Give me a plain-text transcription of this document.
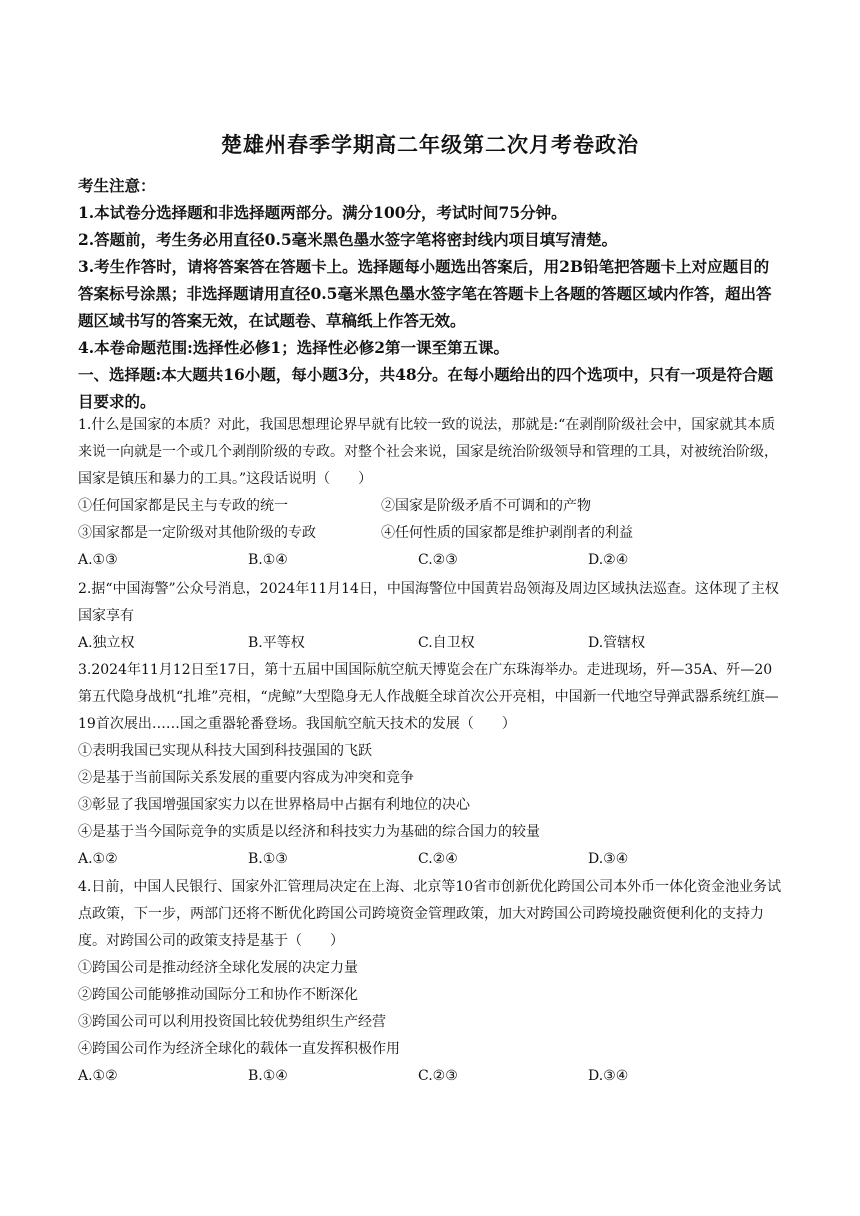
楚雄州春季学期高二年级第二次月考卷政治
考生注意：
1.本试卷分选择题和非选择题两部分。满分100分，考试时间75分钟。
2.答题前，考生务必用直径0.5毫米黑色墨水签字笔将密封线内项目填写清楚。
3.考生作答时，请将答案答在答题卡上。选择题每小题选出答案后，用2B铅笔把答题卡上对应题目的答案标号涂黑；非选择题请用直径0.5毫米黑色墨水签字笔在答题卡上各题的答题区域内作答，超出答题区域书写的答案无效，在试题卷、草稿纸上作答无效。
4.本卷命题范围:选择性必修1；选择性必修2第一课至第五课。
一、选择题:本大题共16小题，每小题3分，共48分。在每小题给出的四个选项中，只有一项是符合题目要求的。
1.什么是国家的本质？对此，我国思想理论界早就有比较一致的说法，那就是:“在剥削阶级社会中，国家就其本质来说一向就是一个或几个剥削阶级的专政。对整个社会来说，国家是统治阶级领导和管理的工具，对被统治阶级，国家是镇压和暴力的工具。”这段话说明（　　）
①任何国家都是民主与专政的统一	②国家是阶级矛盾不可调和的产物
③国家都是一定阶级对其他阶级的专政	④任何性质的国家都是维护剥削者的利益
A.①③	B.①④	C.②③	D.②④
2.据“中国海警”公众号消息，2024年11月14日，中国海警位中国黄岩岛领海及周边区域执法巡查。这体现了主权国家享有
A.独立权	B.平等权	C.自卫权	D.管辖权
3.2024年11月12日至17日，第十五届中国国际航空航天博览会在广东珠海举办。走进现场，歼—35A、歼—20第五代隐身战机“扎堆”亮相，“虎鲸”大型隐身无人作战艇全球首次公开亮相，中国新一代地空导弹武器系统红旗—19首次展出……国之重器轮番登场。我国航空航天技术的发展（　　）
①表明我国已实现从科技大国到科技强国的飞跃
②是基于当前国际关系发展的重要内容成为冲突和竞争
③彰显了我国增强国家实力以在世界格局中占据有利地位的决心
④是基于当今国际竞争的实质是以经济和科技实力为基础的综合国力的较量
A.①②	B.①③	C.②④	D.③④
4.日前，中国人民银行、国家外汇管理局决定在上海、北京等10省市创新优化跨国公司本外币一体化资金池业务试点政策，下一步，两部门还将不断优化跨国公司跨境资金管理政策，加大对跨国公司跨境投融资便利化的支持力度。对跨国公司的政策支持是基于（　　）
①跨国公司是推动经济全球化发展的决定力量
②跨国公司能够推动国际分工和协作不断深化
③跨国公司可以利用投资国比较优势组织生产经营
④跨国公司作为经济全球化的载体一直发挥积极作用
A.①②	B.①④	C.②③	D.③④
